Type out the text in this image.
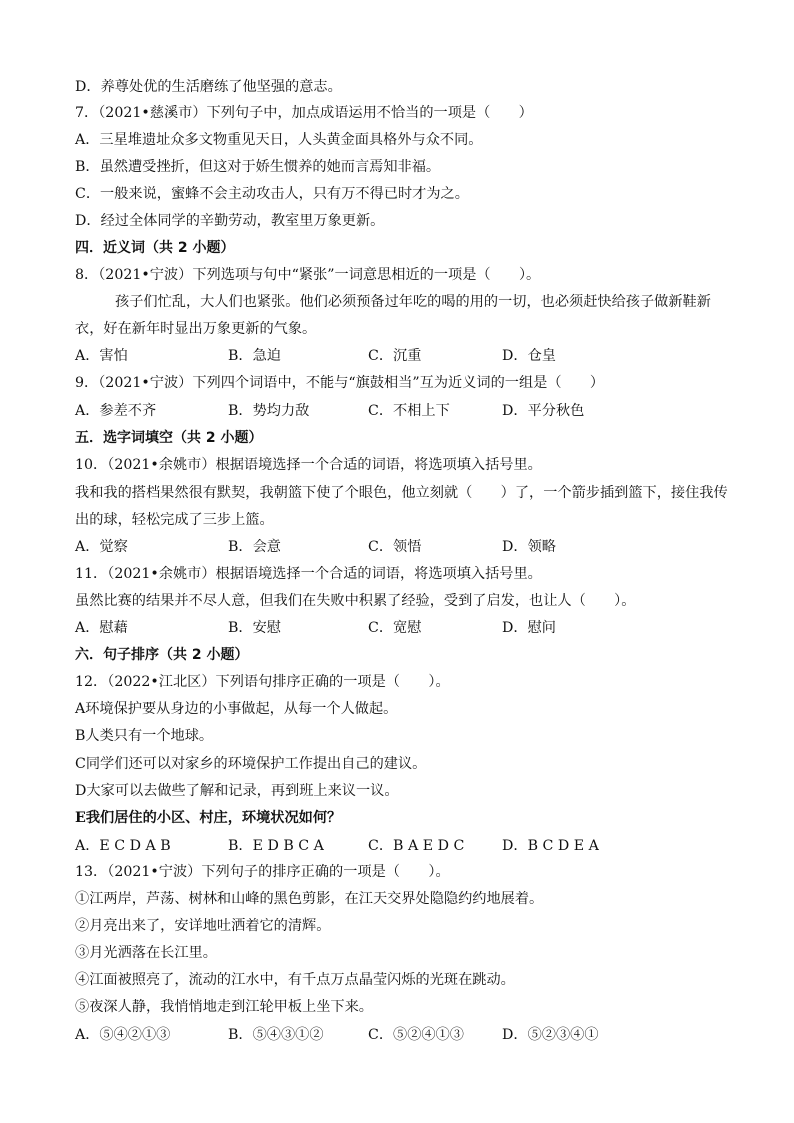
D．养尊处优的生活磨练了他坚强的意志。
7．（2021•慈溪市）下列句子中，加点成语运用不恰当的一项是（　　）
A．三星堆遗址众多文物重见天日，人头黄金面具格外与众不同。
B．虽然遭受挫折，但这对于娇生惯养的她而言焉知非福。
C．一般来说，蜜蜂不会主动攻击人，只有万不得已时才为之。
D．经过全体同学的辛勤劳动，教室里万象更新。
四．近义词（共 2 小题）
8．（2021•宁波）下列选项与句中“紧张”一词意思相近的一项是（　　）。
孩子们忙乱，大人们也紧张。他们必须预备过年吃的喝的用的一切，也必须赶快给孩子做新鞋新
衣，好在新年时显出万象更新的气象。
A．害怕	B．急迫	C．沉重	D．仓皇
9．（2021•宁波）下列四个词语中，不能与“旗鼓相当”互为近义词的一组是（　　）
A．参差不齐	B．势均力敌	C．不相上下	D．平分秋色
五．选字词填空（共 2 小题）
10．（2021•余姚市）根据语境选择一个合适的词语，将选项填入括号里。
我和我的搭档果然很有默契，我朝篮下使了个眼色，他立刻就（　　）了，一个箭步插到篮下，接住我传
出的球，轻松完成了三步上篮。
A．觉察	B．会意	C．领悟	D．领略
11．（2021•余姚市）根据语境选择一个合适的词语，将选项填入括号里。
虽然比赛的结果并不尽人意，但我们在失败中积累了经验，受到了启发，也让人（　　）。
A．慰藉	B．安慰	C．宽慰	D．慰问
六．句子排序（共 2 小题）
12．（2022•江北区）下列语句排序正确的一项是（　　）。
A环境保护要从身边的小事做起，从每一个人做起。
B人类只有一个地球。
C同学们还可以对家乡的环境保护工作提出自己的建议。
D大家可以去做些了解和记录，再到班上来议一议。
E我们居住的小区、村庄，环境状况如何？
A．E C D A B	B．E D B C A	C．B A E D C	D．B C D E A
13．（2021•宁波）下列句子的排序正确的一项是（　　）。
①江两岸，芦荡、树林和山峰的黑色剪影，在江天交界处隐隐约约地展着。
②月亮出来了，安详地吐洒着它的清辉。
③月光洒落在长江里。
④江面被照亮了，流动的江水中，有千点万点晶莹闪烁的光斑在跳动。
⑤夜深人静，我悄悄地走到江轮甲板上坐下来。
A．⑤④②①③	B．⑤④③①②	C．⑤②④①③	D．⑤②③④①
